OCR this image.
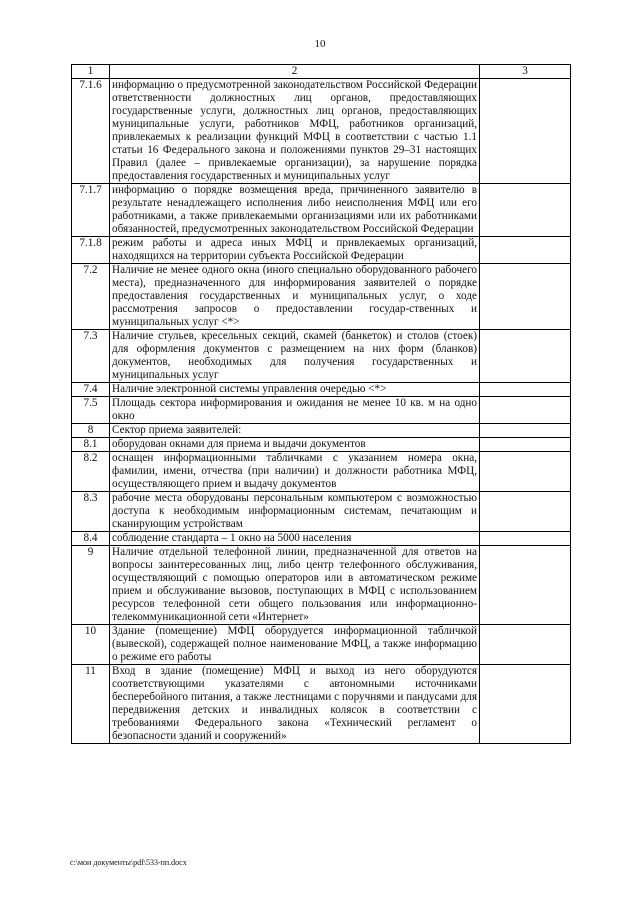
10
1	2	3
7.1.6	информацию о предусмотренной законодательством Российской Федерации ответственности должностных лиц органов, предоставляющих государственные услуги, должностных лиц органов, предоставляющих муниципальные услуги, работников МФЦ, работников организаций, привлекаемых к реализации функций МФЦ в соответствии с частью 1.1 статьи 16 Федерального закона и положениями пунктов 29–31 настоящих Правил (далее – привлекаемые организации), за нарушение порядка предоставления государственных и муниципальных услуг	
7.1.7	информацию о порядке возмещения вреда, причиненного заявителю в результате ненадлежащего исполнения либо неисполнения МФЦ или его работниками, а также привлекаемыми организациями или их работниками обязанностей, предусмотренных законодательством Российской Федерации	
7.1.8	режим работы и адреса иных МФЦ и привлекаемых организаций, находящихся на территории субъекта Российской Федерации	
7.2	Наличие не менее одного окна (иного специально оборудованного рабочего места), предназначенного для информирования заявителей о порядке предоставления государственных и муниципальных услуг, о ходе рассмотрения запросов о предоставлении государ-ственных и муниципальных услуг <*>	
7.3	Наличие стульев, кресельных секций, скамей (банкеток) и столов (стоек) для оформления документов с размещением на них форм (бланков) документов, необходимых для получения государственных и муниципальных услуг	
7.4	Наличие электронной системы управления очередью <*>	
7.5	Площадь сектора информирования и ожидания не менее 10 кв. м на одно окно	
8	Сектор приема заявителей:	
8.1	оборудован окнами для приема и выдачи документов	
8.2	оснащен информационными табличками с указанием номера окна, фамилии, имени, отчества (при наличии) и должности работника МФЦ, осуществляющего прием и выдачу документов	
8.3	рабочие места оборудованы персональным компьютером с возможностью доступа к необходимым информационным системам, печатающим и сканирующим устройствам	
8.4	соблюдение стандарта – 1 окно на 5000 населения	
9	Наличие отдельной телефонной линии, предназначенной для ответов на вопросы заинтересованных лиц, либо центр телефонного обслуживания, осуществляющий с помощью операторов или в автоматическом режиме прием и обслуживание вызовов, поступающих в МФЦ с использованием ресурсов телефонной сети общего пользования или информационно-телекоммуникационной сети «Интернет»	
10	Здание (помещение) МФЦ оборудуется информационной табличкой (вывеской), содержащей полное наименование МФЦ, а также информацию о режиме его работы	
11	Вход в здание (помещение) МФЦ и выход из него оборудуются соответствующими указателями с автономными источниками бесперебойного питания, а также лестницами с поручнями и пандусами для передвижения детских и инвалидных колясок в соответствии с требованиями Федерального закона «Технический регламент о безопасности зданий и сооружений»	
c:\мои документы\pdf\533-пп.docx
